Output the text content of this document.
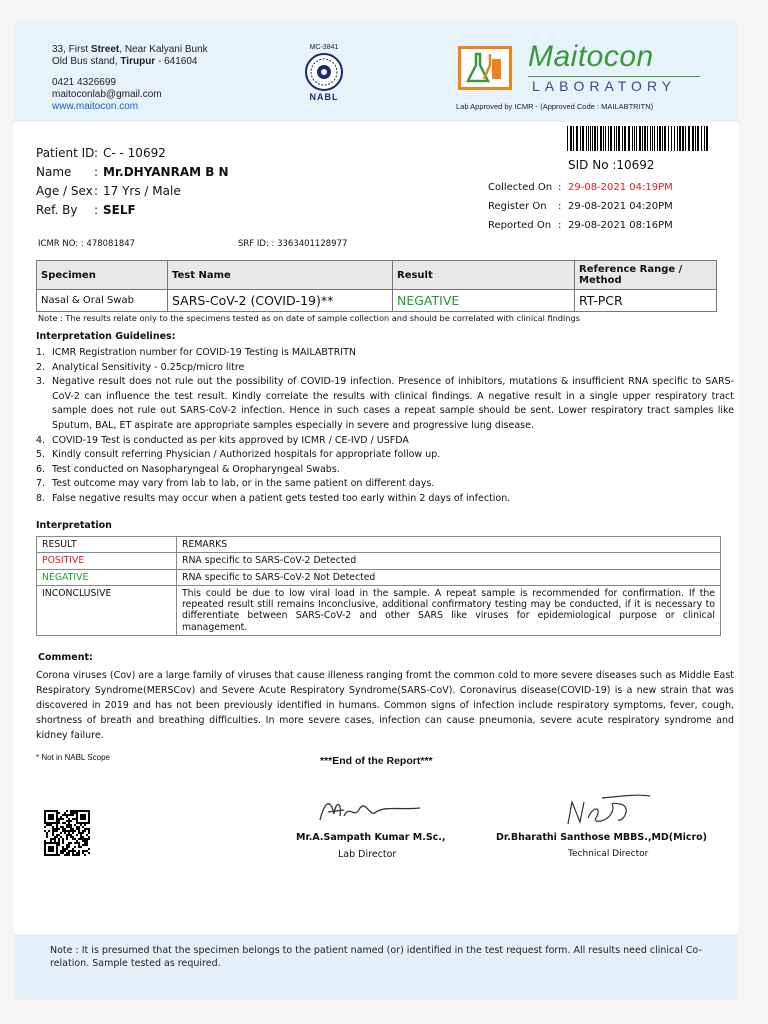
33, First Street, Near Kalyani Bunk
Old Bus stand, Tirupur - 641604
0421 4326699
maitoconlab@gmail.com
www.maitocon.com
MC-3841
NABL
Maitocon
LABORATORY
Lab Approved by ICMR - (Approved Code : MAILABTRITN)
SID No :10692
Patient ID : C- - 10692
Name	: Mr.DHYANRAM B N
Age / Sex : 17 Yrs / Male
Ref. By	: SELF
Collected On : 29-08-2021 04:19PM
Register On	: 29-08-2021 04:20PM
Reported On : 29-08-2021 08:16PM
ICMR NO: : 478081847	SRF ID: : 3363401128977
Specimen	Test Name	Result	Reference Range / Method
Nasal & Oral Swab	SARS-CoV-2 (COVID-19)**	NEGATIVE	RT-PCR
Note : The results relate only to the specimens tested as on date of sample collection and should be correlated with clinical findings
Interpretation Guidelines:
1. ICMR Registration number for COVID-19 Testing is MAILABTRITN
2. Analytical Sensitivity - 0.25cp/micro litre
3. Negative result does not rule out the possibility of COVID-19 infection. Presence of inhibitors, mutations & insufficient RNA specific to SARS-CoV-2 can influence the test result. Kindly correlate the results with clinical findings. A negative result in a single upper respiratory tract sample does not rule out SARS-CoV-2 infection. Hence in such cases a repeat sample should be sent. Lower respiratory tract samples like Sputum, BAL, ET aspirate are appropriate samples especially in severe and progressive lung disease.
4. COVID-19 Test is conducted as per kits approved by ICMR / CE-IVD / USFDA
5. Kindly consult referring Physician / Authorized hospitals for appropriate follow up.
6. Test conducted on Nasopharyngeal & Oropharyngeal Swabs.
7. Test outcome may vary from lab to lab, or in the same patient on different days.
8. False negative results may occur when a patient gets tested too early within 2 days of infection.
Interpretation
RESULT	REMARKS
POSITIVE	RNA specific to SARS-CoV-2 Detected
NEGATIVE	RNA specific to SARS-CoV-2 Not Detected
INCONCLUSIVE	This could be due to low viral load in the sample. A repeat sample is recommended for confirmation. If the repeated result still remains Inconclusive, additional confirmatory testing may be conducted, if it is necessary to differentiate between SARS-CoV-2 and other SARS like viruses for epidemiological purpose or clinical management.
Comment:
Corona viruses (Cov) are a large family of viruses that cause illeness ranging fromt the common cold to more severe diseases such as Middle East Respiratory Syndrome(MERSCov) and Severe Acute Respiratory Syndrome(SARS-CoV). Coronavirus disease(COVID-19) is a new strain that was discovered in 2019 and has not been previously identified in humans. Common signs of infection include respiratory symptoms, fever, cough, shortness of breath and breathing difficulties. In more severe cases, infection can cause pneumonia, severe acute respiratory syndrome and kidney failure.
* Not in NABL Scope	***End of the Report***
Mr.A.Sampath Kumar M.Sc.,
Lab Director
Dr.Bharathi Santhose MBBS.,MD(Micro)
Technical Director
Note : It is presumed that the specimen belongs to the patient named (or) identified in the test request form. All results need clinical Co-relation. Sample tested as required.
